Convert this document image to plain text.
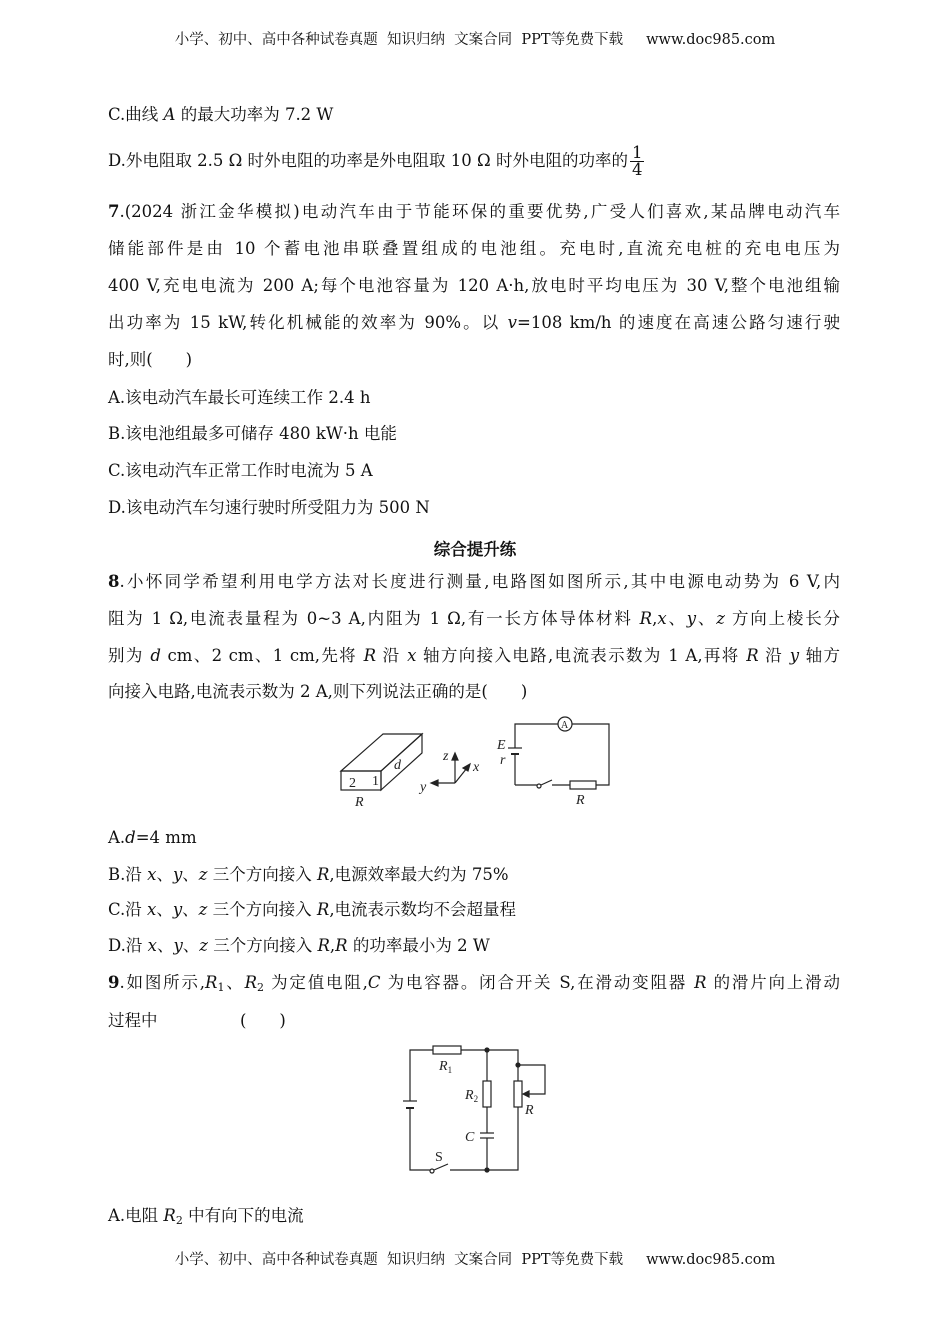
小学、初中、高中各种试卷真题  知识归纳  文案合同  PPT等免费下载     www.doc985.com
C.曲线 A 的最大功率为 7.2 W
D.外电阻取 2.5 Ω 时外电阻的功率是外电阻取 10 Ω 时外电阻的功率的 $\frac{1}{4}$
7.(2024 浙江金华模拟)电动汽车由于节能环保的重要优势,广受人们喜欢,某品牌电动汽车
储能部件是由 10 个蓄电池串联叠置组成的电池组。充电时,直流充电桩的充电电压为
400 V,充电电流为 200 A;每个电池容量为 120 A·h,放电时平均电压为 30 V,整个电池组输
出功率为 15 kW,转化机械能的效率为 90%。以 v=108 km/h 的速度在高速公路匀速行驶
时,则(　　)
A.该电动汽车最长可连续工作 2.4 h
B.该电池组最多可储存 480 kW·h 电能
C.该电动汽车正常工作时电流为 5 A
D.该电动汽车匀速行驶时所受阻力为 500 N
8.小怀同学希望利用电学方法对长度进行测量,电路图如图所示,其中电源电动势为 6 V,内
阻为 1 Ω,电流表量程为 0~3 A,内阻为 1 Ω,有一长方体导体材料 R,x、y、z 方向上棱长分
别为 d cm、2 cm、1 cm,先将 R 沿 x 轴方向接入电路,电流表示数为 1 A,再将 R 沿 y 轴方
向接入电路,电流表示数为 2 A,则下列说法正确的是(　　)
A.d=4 mm
B.沿 x、y、z 三个方向接入 R,电源效率最大约为 75%
C.沿 x、y、z 三个方向接入 R,电流表示数均不会超量程
D.沿 x、y、z 三个方向接入 R,R 的功率最小为 2 W
9.如图所示$,R_1$、$R_2$ 为定值电阻,C 为电容器。闭合开关 S,在滑动变阻器 R 的滑片向上滑动
过程中　　　　　(　　)
A.电阻 $R_2$ 中有向下的电流
综合提升练
2 1
d
R
z
x
y
A
E
r
R
$R_1$
$R_2$
C
R
S
小学、初中、高中各种试卷真题  知识归纳  文案合同  PPT等免费下载     www.doc985.com
